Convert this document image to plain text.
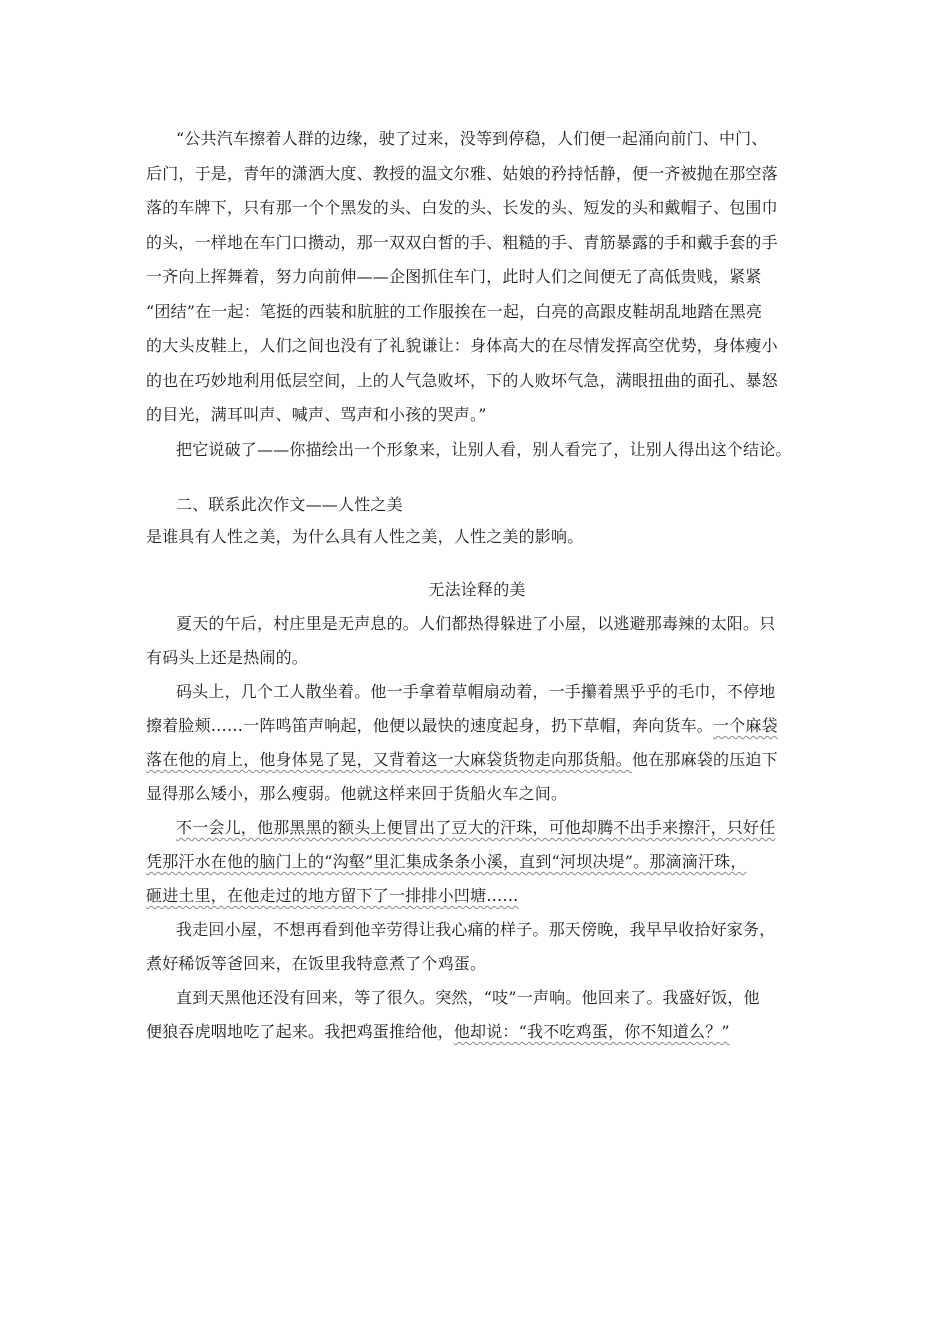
“公共汽车擦着人群的边缘，驶了过来，没等到停稳，人们便一起涌向前门、中门、
后门，于是，青年的潇洒大度、教授的温文尔雅、姑娘的矜持恬静，便一齐被抛在那空落
落的车牌下，只有那一个个黑发的头、白发的头、长发的头、短发的头和戴帽子、包围巾
的头，一样地在车门口攒动，那一双双白皙的手、粗糙的手、青筋暴露的手和戴手套的手
一齐向上挥舞着，努力向前伸——企图抓住车门，此时人们之间便无了高低贵贱，紧紧
“团结”在一起：笔挺的西装和肮脏的工作服挨在一起，白亮的高跟皮鞋胡乱地踏在黑亮
的大头皮鞋上，人们之间也没有了礼貌谦让：身体高大的在尽情发挥高空优势，身体瘦小
的也在巧妙地利用低层空间，上的人气急败坏，下的人败坏气急，满眼扭曲的面孔、暴怒
的目光，满耳叫声、喊声、骂声和小孩的哭声。”
把它说破了——你描绘出一个形象来，让别人看，别人看完了，让别人得出这个结论。
二、联系此次作文——人性之美
是谁具有人性之美，为什么具有人性之美，人性之美的影响。
无法诠释的美
夏天的午后，村庄里是无声息的。人们都热得躲进了小屋，以逃避那毒辣的太阳。只
有码头上还是热闹的。
码头上，几个工人散坐着。他一手拿着草帽扇动着，一手攥着黑乎乎的毛巾，不停地
擦着脸颊……一阵鸣笛声响起，他便以最快的速度起身，扔下草帽，奔向货车。一个麻袋
落在他的肩上，他身体晃了晃，又背着这一大麻袋货物走向那货船。他在那麻袋的压迫下
显得那么矮小，那么瘦弱。他就这样来回于货船火车之间。
不一会儿，他那黑黑的额头上便冒出了豆大的汗珠，可他却腾不出手来擦汗，只好任
凭那汗水在他的脑门上的“沟壑”里汇集成条条小溪，直到“河坝决堤”。那滴滴汗珠，
砸进土里，在他走过的地方留下了一排排小凹塘……
我走回小屋，不想再看到他辛劳得让我心痛的样子。那天傍晚，我早早收拾好家务，
煮好稀饭等爸回来，在饭里我特意煮了个鸡蛋。
直到天黑他还没有回来，等了很久。突然，“吱”一声响。他回来了。我盛好饭，他
便狼吞虎咽地吃了起来。我把鸡蛋推给他，他却说：“我不吃鸡蛋，你不知道么？”
